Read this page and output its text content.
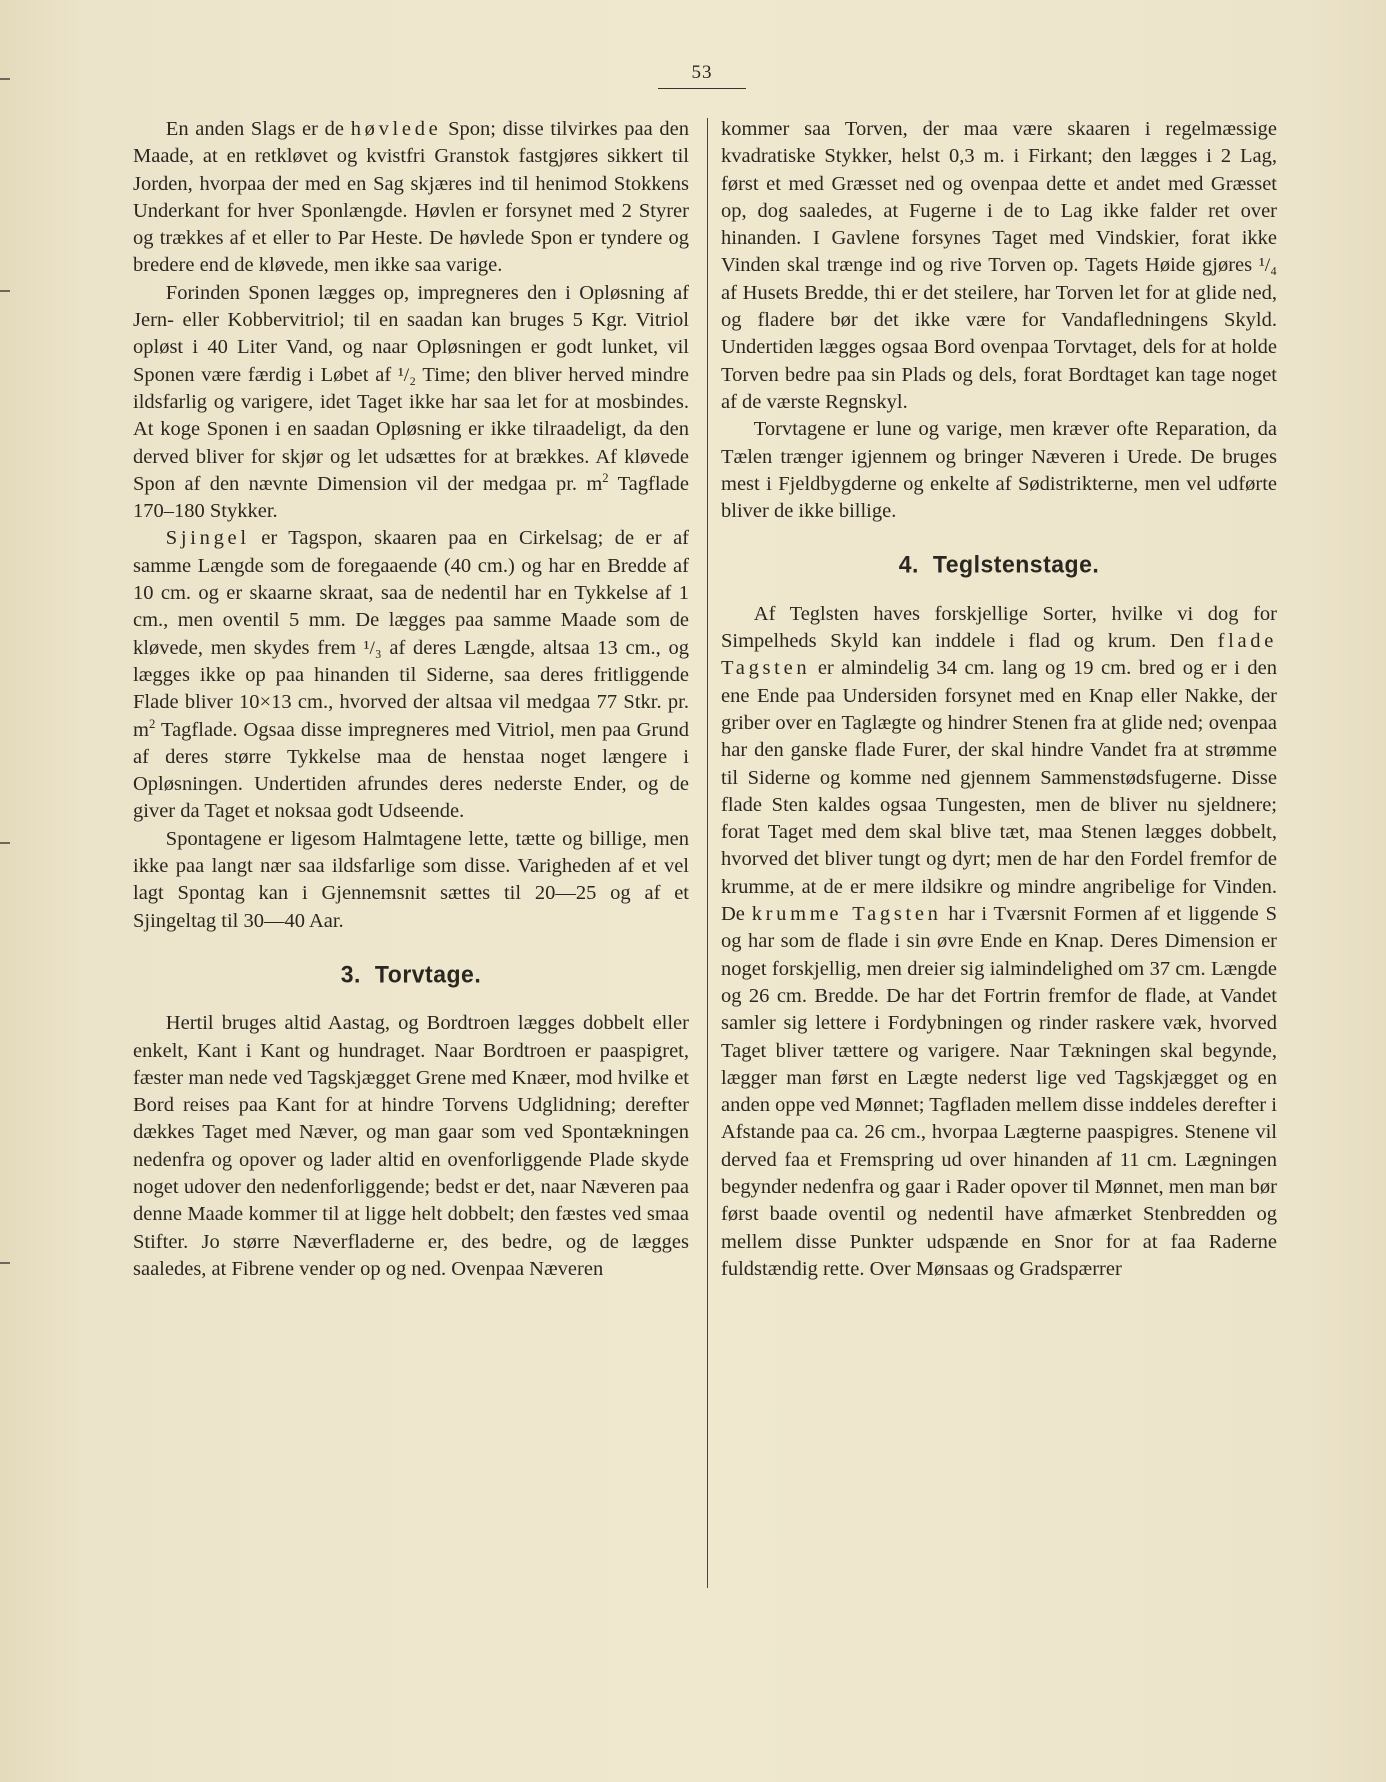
53

En anden Slags er de høvlede Spon; disse tilvirkes paa den Maade, at en retkløvet og kvistfri Granstok fastgjøres sikkert til Jorden, hvorpaa der med en Sag skjæres ind til henimod Stokkens Underkant for hver Sponlængde. Høvlen er forsynet med 2 Styrer og trækkes af et eller to Par Heste. De høvlede Spon er tyndere og bredere end de kløvede, men ikke saa varige.

Forinden Sponen lægges op, impregneres den i Opløsning af Jern- eller Kobbervitriol; til en saadan kan bruges 5 Kgr. Vitriol opløst i 40 Liter Vand, og naar Opløsningen er godt lunket, vil Sponen være færdig i Løbet af ¹/₂ Time; den bliver herved mindre ildsfarlig og varigere, idet Taget ikke har saa let for at mosbindes. At koge Sponen i en saadan Opløsning er ikke tilraadeligt, da den derved bliver for skjør og let udsættes for at brækkes. Af kløvede Spon af den nævnte Dimension vil der medgaa pr. $m^2$ Tagflade 170–180 Stykker.

Sjingel er Tagspon, skaaren paa en Cirkelsag; de er af samme Længde som de foregaaende (40 cm.) og har en Bredde af 10 cm. og er skaarne skraat, saa de nedentil har en Tykkelse af 1 cm., men oventil 5 mm. De lægges paa samme Maade som de kløvede, men skydes frem ¹/₃ af deres Længde, altsaa 13 cm., og lægges ikke op paa hinanden til Siderne, saa deres fritliggende Flade bliver 10×13 cm., hvorved der altsaa vil medgaa 77 Stkr. pr. $m^2$ Tagflade. Ogsaa disse impregneres med Vitriol, men paa Grund af deres større Tykkelse maa de henstaa noget længere i Opløsningen. Undertiden afrundes deres nederste Ender, og de giver da Taget et noksaa godt Udseende.

Spontagene er ligesom Halmtagene lette, tætte og billige, men ikke paa langt nær saa ildsfarlige som disse. Varigheden af et vel lagt Spontag kan i Gjennemsnit sættes til 20—25 og af et Sjingeltag til 30—40 Aar.

3. Torvtage.

Hertil bruges altid Aastag, og Bordtroen lægges dobbelt eller enkelt, Kant i Kant og hundraget. Naar Bordtroen er paaspigret, fæster man nede ved Tagskjægget Grene med Knæer, mod hvilke et Bord reises paa Kant for at hindre Torvens Udglidning; derefter dækkes Taget med Næver, og man gaar som ved Spontækningen nedenfra og opover og lader altid en ovenforliggende Plade skyde noget udover den nedenforliggende; bedst er det, naar Næveren paa denne Maade kommer til at ligge helt dobbelt; den fæstes ved smaa Stifter. Jo større Næverfladerne er, des bedre, og de lægges saaledes, at Fibrene vender op og ned. Ovenpaa Næveren

kommer saa Torven, der maa være skaaren i regelmæssige kvadratiske Stykker, helst 0,3 m. i Firkant; den lægges i 2 Lag, først et med Græsset ned og ovenpaa dette et andet med Græsset op, dog saaledes, at Fugerne i de to Lag ikke falder ret over hinanden. I Gavlene forsynes Taget med Vindskier, forat ikke Vinden skal trænge ind og rive Torven op. Tagets Høide gjøres ¹/₄ af Husets Bredde, thi er det steilere, har Torven let for at glide ned, og fladere bør det ikke være for Vandafledningens Skyld. Undertiden lægges ogsaa Bord ovenpaa Torvtaget, dels for at holde Torven bedre paa sin Plads og dels, forat Bordtaget kan tage noget af de værste Regnskyl.

Torvtagene er lune og varige, men kræver ofte Reparation, da Tælen trænger igjennem og bringer Næveren i Urede. De bruges mest i Fjeldbygderne og enkelte af Sødistrikterne, men vel udførte bliver de ikke billige.

4. Teglstenstage.

Af Teglsten haves forskjellige Sorter, hvilke vi dog for Simpelheds Skyld kan inddele i flad og krum. Den flade Tagsten er almindelig 34 cm. lang og 19 cm. bred og er i den ene Ende paa Undersiden forsynet med en Knap eller Nakke, der griber over en Taglægte og hindrer Stenen fra at glide ned; ovenpaa har den ganske flade Furer, der skal hindre Vandet fra at strømme til Siderne og komme ned gjennem Sammenstødsfugerne. Disse flade Sten kaldes ogsaa Tungesten, men de bliver nu sjeldnere; forat Taget med dem skal blive tæt, maa Stenen lægges dobbelt, hvorved det bliver tungt og dyrt; men de har den Fordel fremfor de krumme, at de er mere ildsikre og mindre angribelige for Vinden. De krumme Tagsten har i Tværsnit Formen af et liggende S og har som de flade i sin øvre Ende en Knap. Deres Dimension er noget forskjellig, men dreier sig ialmindelighed om 37 cm. Længde og 26 cm. Bredde. De har det Fortrin fremfor de flade, at Vandet samler sig lettere i Fordybningen og rinder raskere væk, hvorved Taget bliver tættere og varigere. Naar Tækningen skal begynde, lægger man først en Lægte nederst lige ved Tagskjægget og en anden oppe ved Mønnet; Tagfladen mellem disse inddeles derefter i Afstande paa ca. 26 cm., hvorpaa Lægterne paaspigres. Stenene vil derved faa et Fremspring ud over hinanden af 11 cm. Lægningen begynder nedenfra og gaar i Rader opover til Mønnet, men man bør først baade oventil og nedentil have afmærket Stenbredden og mellem disse Punkter udspænde en Snor for at faa Raderne fuldstændig rette. Over Mønsaas og Gradspærrer
